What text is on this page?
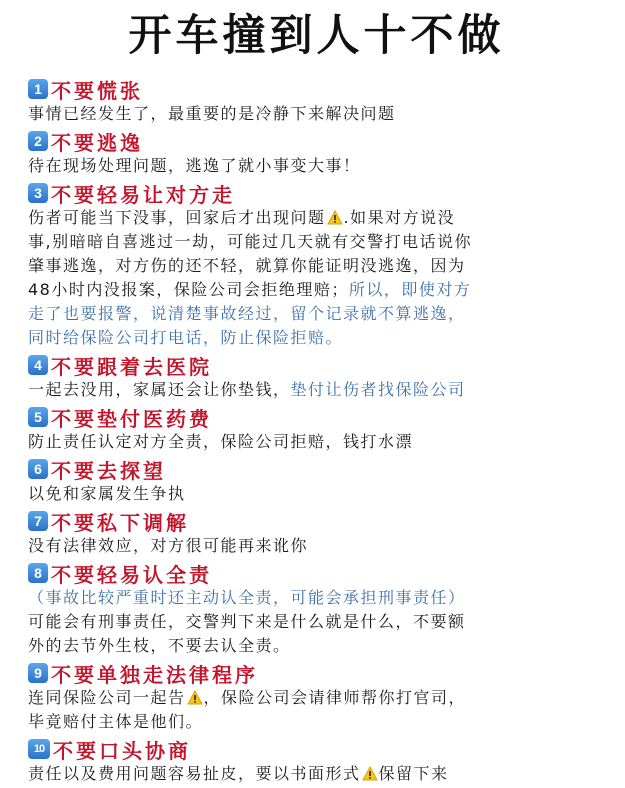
开车撞到人十不做
1 不要慌张
事情已经发生了，最重要的是冷静下来解决问题
2 不要逃逸
待在现场处理问题，逃逸了就小事变大事！
3 不要轻易让对方走
伤者可能当下没事，回家后才出现问题 .如果对方说没
事,别暗暗自喜逃过一劫，可能过几天就有交警打电话说你
肇事逃逸，对方伤的还不轻，就算你能证明没逃逸，因为
48小时内没报案，保险公司会拒绝理赔；所以，即使对方
走了也要报警，说清楚事故经过，留个记录就不算逃逸，
同时给保险公司打电话，防止保险拒赔。
4 不要跟着去医院
一起去没用，家属还会让你垫钱，垫付让伤者找保险公司
5 不要垫付医药费
防止责任认定对方全责，保险公司拒赔，钱打水漂
6 不要去探望
以免和家属发生争执
7 不要私下调解
没有法律效应，对方很可能再来讹你
8 不要轻易认全责
（事故比较严重时还主动认全责，可能会承担刑事责任）
可能会有刑事责任，交警判下来是什么就是什么，不要额
外的去节外生枝，不要去认全责。
9 不要单独走法律程序
连同保险公司一起告 ，保险公司会请律师帮你打官司，
毕竟赔付主体是他们。
10 不要口头协商
责任以及费用问题容易扯皮，要以书面形式 保留下来
